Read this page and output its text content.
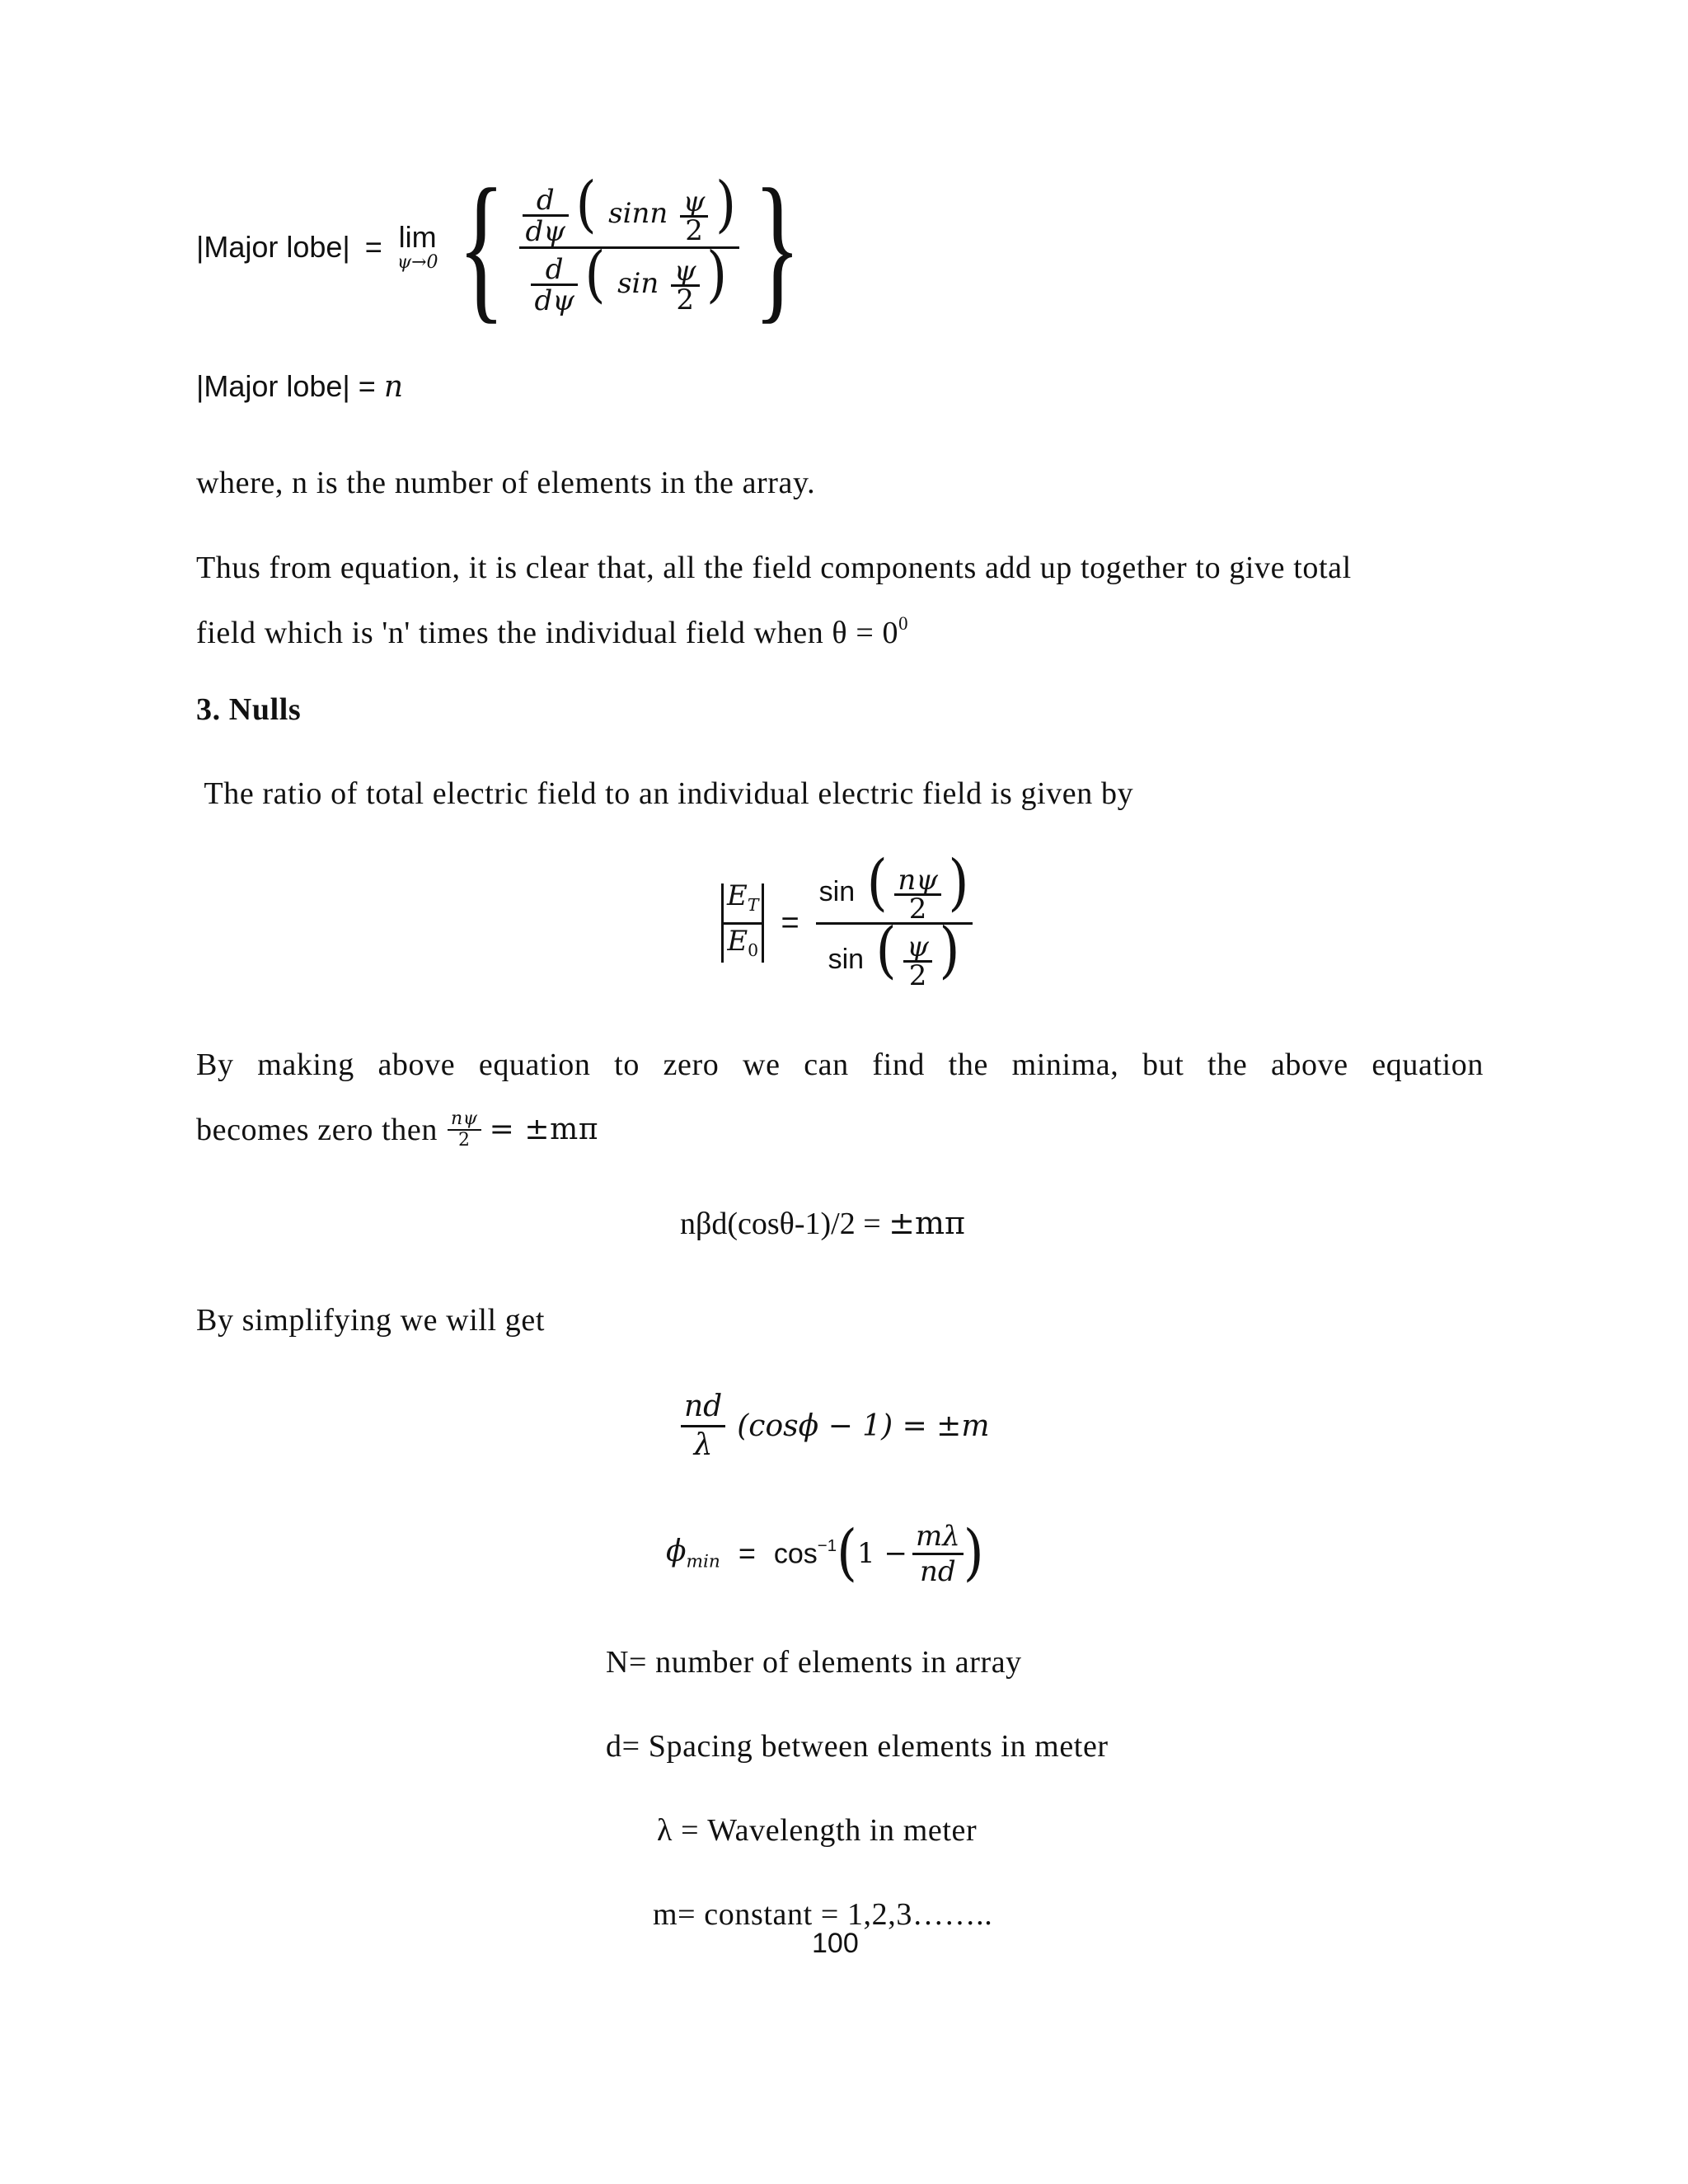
|Major lobe| = lim
ψ→0 { $\frac{d}{d\psi}$ ( sinn $\frac{\psi}{2}$ )
$\frac{d}{d\psi}$ ( $\sin \frac{\psi}{2}$ ) }
|Major lobe| = n
where, n is the number of elements in the array.
Thus from equation, it is clear that, all the field components add up together to give total
field which is 'n' times the individual field when $\theta = 0^0$
3. Nulls
The ratio of total electric field to an individual electric field is given by
$\frac{E_T}{E_0}$ =
sin ( $\frac{n\psi}{2}$ )
sin ( $\frac{\psi}{2}$ )
By making above equation to zero we can find the minima, but the above equation
becomes zero then $\frac{n\psi}{2} = \pm m\pi$
nβd(cosθ-1)/2 = ±mπ
By simplifying we will get
$\frac{nd}{\lambda} (\cos\phi - 1) = \pm m$
$\phi_{min} = \cos^{-1}$ ( $1 - \frac{m\lambda}{nd}$ )
N= number of elements in array
d= Spacing between elements in meter
λ = Wavelength in meter
m= constant = 1,2,3……..
100
